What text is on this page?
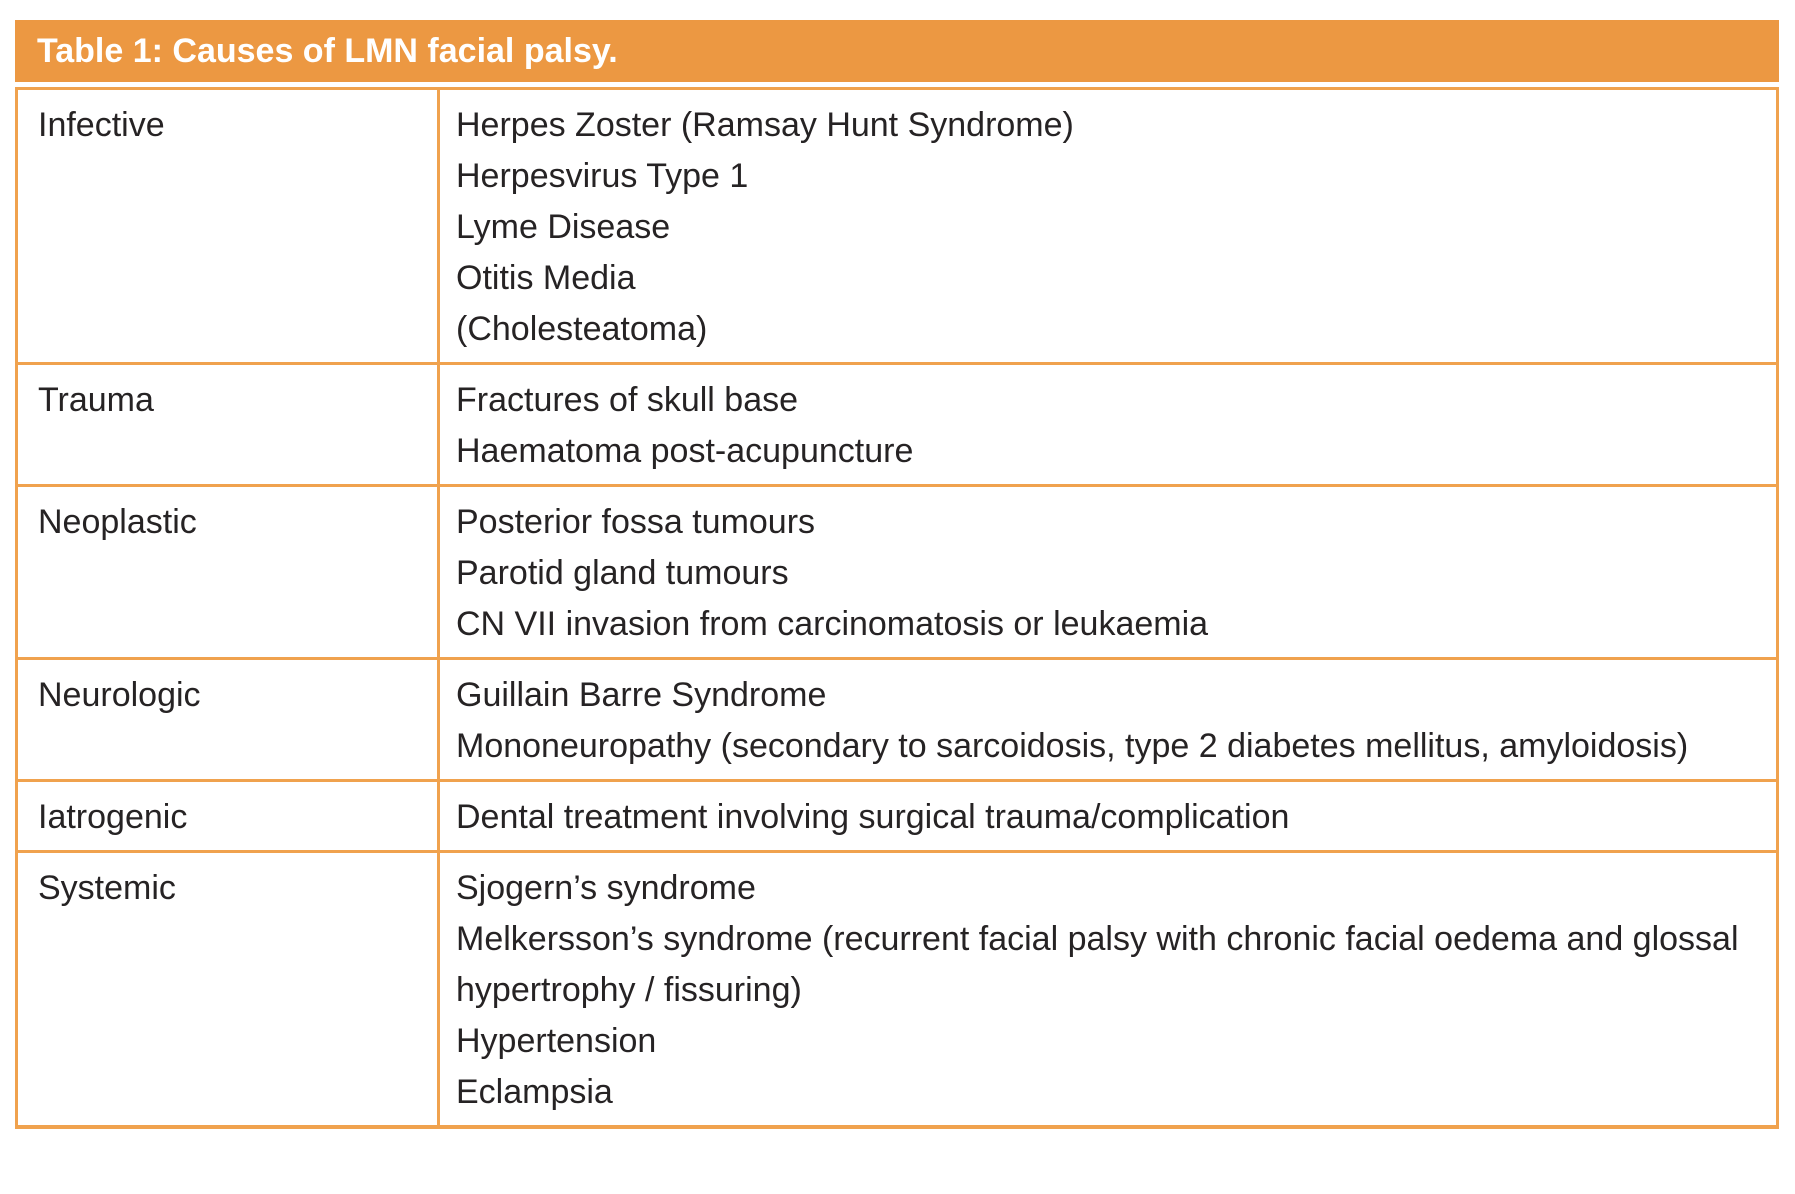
Table 1: Causes of LMN facial palsy.
Infective	Herpes Zoster (Ramsay Hunt Syndrome)
Herpesvirus Type 1
Lyme Disease
Otitis Media
(Cholesteatoma)
Trauma	Fractures of skull base
Haematoma post-acupuncture
Neoplastic	Posterior fossa tumours
Parotid gland tumours
CN VII invasion from carcinomatosis or leukaemia
Neurologic	Guillain Barre Syndrome
Mononeuropathy (secondary to sarcoidosis, type 2 diabetes mellitus, amyloidosis)
Iatrogenic	Dental treatment involving surgical trauma/complication
Systemic	Sjogern’s syndrome
Melkersson’s syndrome (recurrent facial palsy with chronic facial oedema and glossal hypertrophy / fissuring)
Hypertension
Eclampsia
